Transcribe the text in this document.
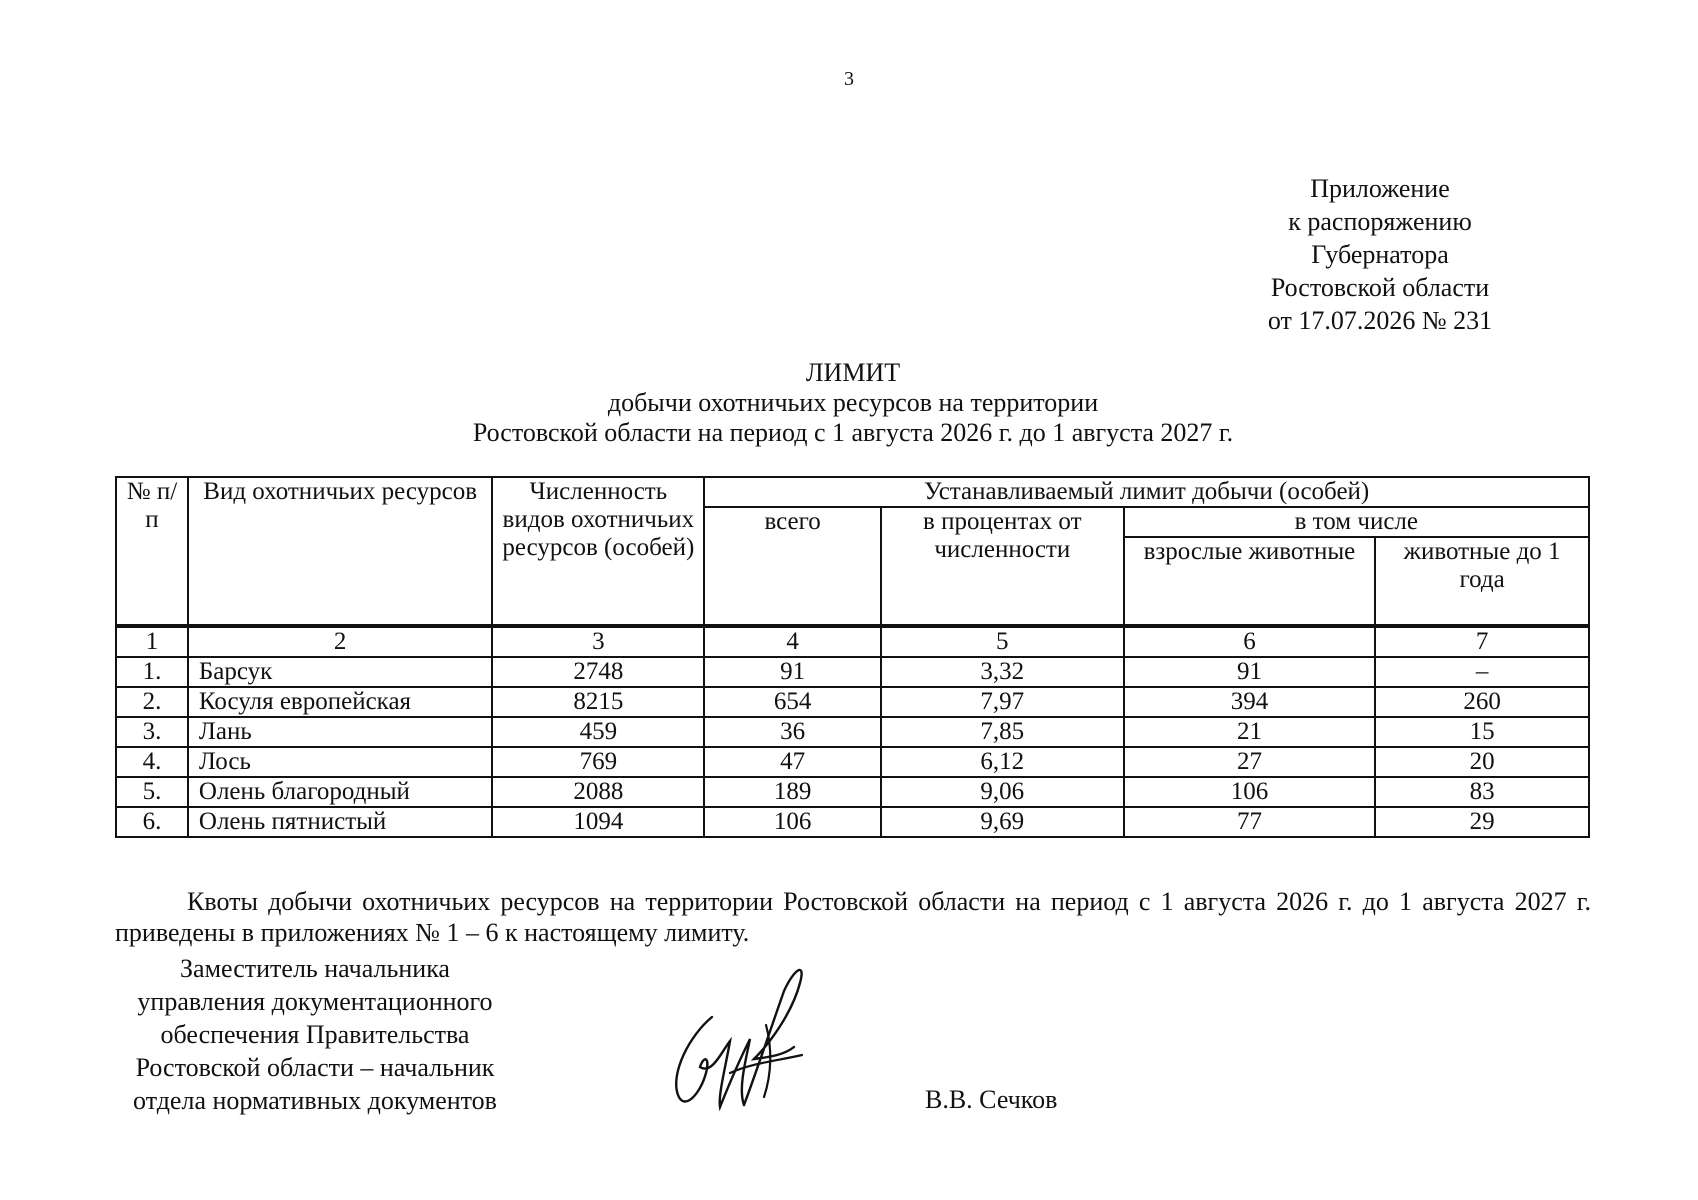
3
Приложение
к распоряжению
Губернатора
Ростовской области
от 17.07.2026 № 231
ЛИМИТ
добычи охотничьих ресурсов на территории
Ростовской области на период с 1 августа 2026 г. до 1 августа 2027 г.
№ п/п	Вид охотничьих ресурсов	Численность видов охотничьих ресурсов (особей)	Устанавливаемый лимит добычи (особей)			
			всего	в процентах от численности	в том числе	
					взрослые животные	животные до 1 года
1	2	3	4	5	6	7
1.	Барсук	2748	91	3,32	91	–
2.	Косуля европейская	8215	654	7,97	394	260
3.	Лань	459	36	7,85	21	15
4.	Лось	769	47	6,12	27	20
5.	Олень благородный	2088	189	9,06	106	83
6.	Олень пятнистый	1094	106	9,69	77	29

Квоты добычи охотничьих ресурсов на территории Ростовской области на период с 1 августа 2026 г. до 1 августа 2027 г. приведены в приложениях № 1 – 6 к настоящему лимиту.

Заместитель начальника
управления документационного
обеспечения Правительства
Ростовской области – начальник
отдела нормативных документов	В.В. Сечков
